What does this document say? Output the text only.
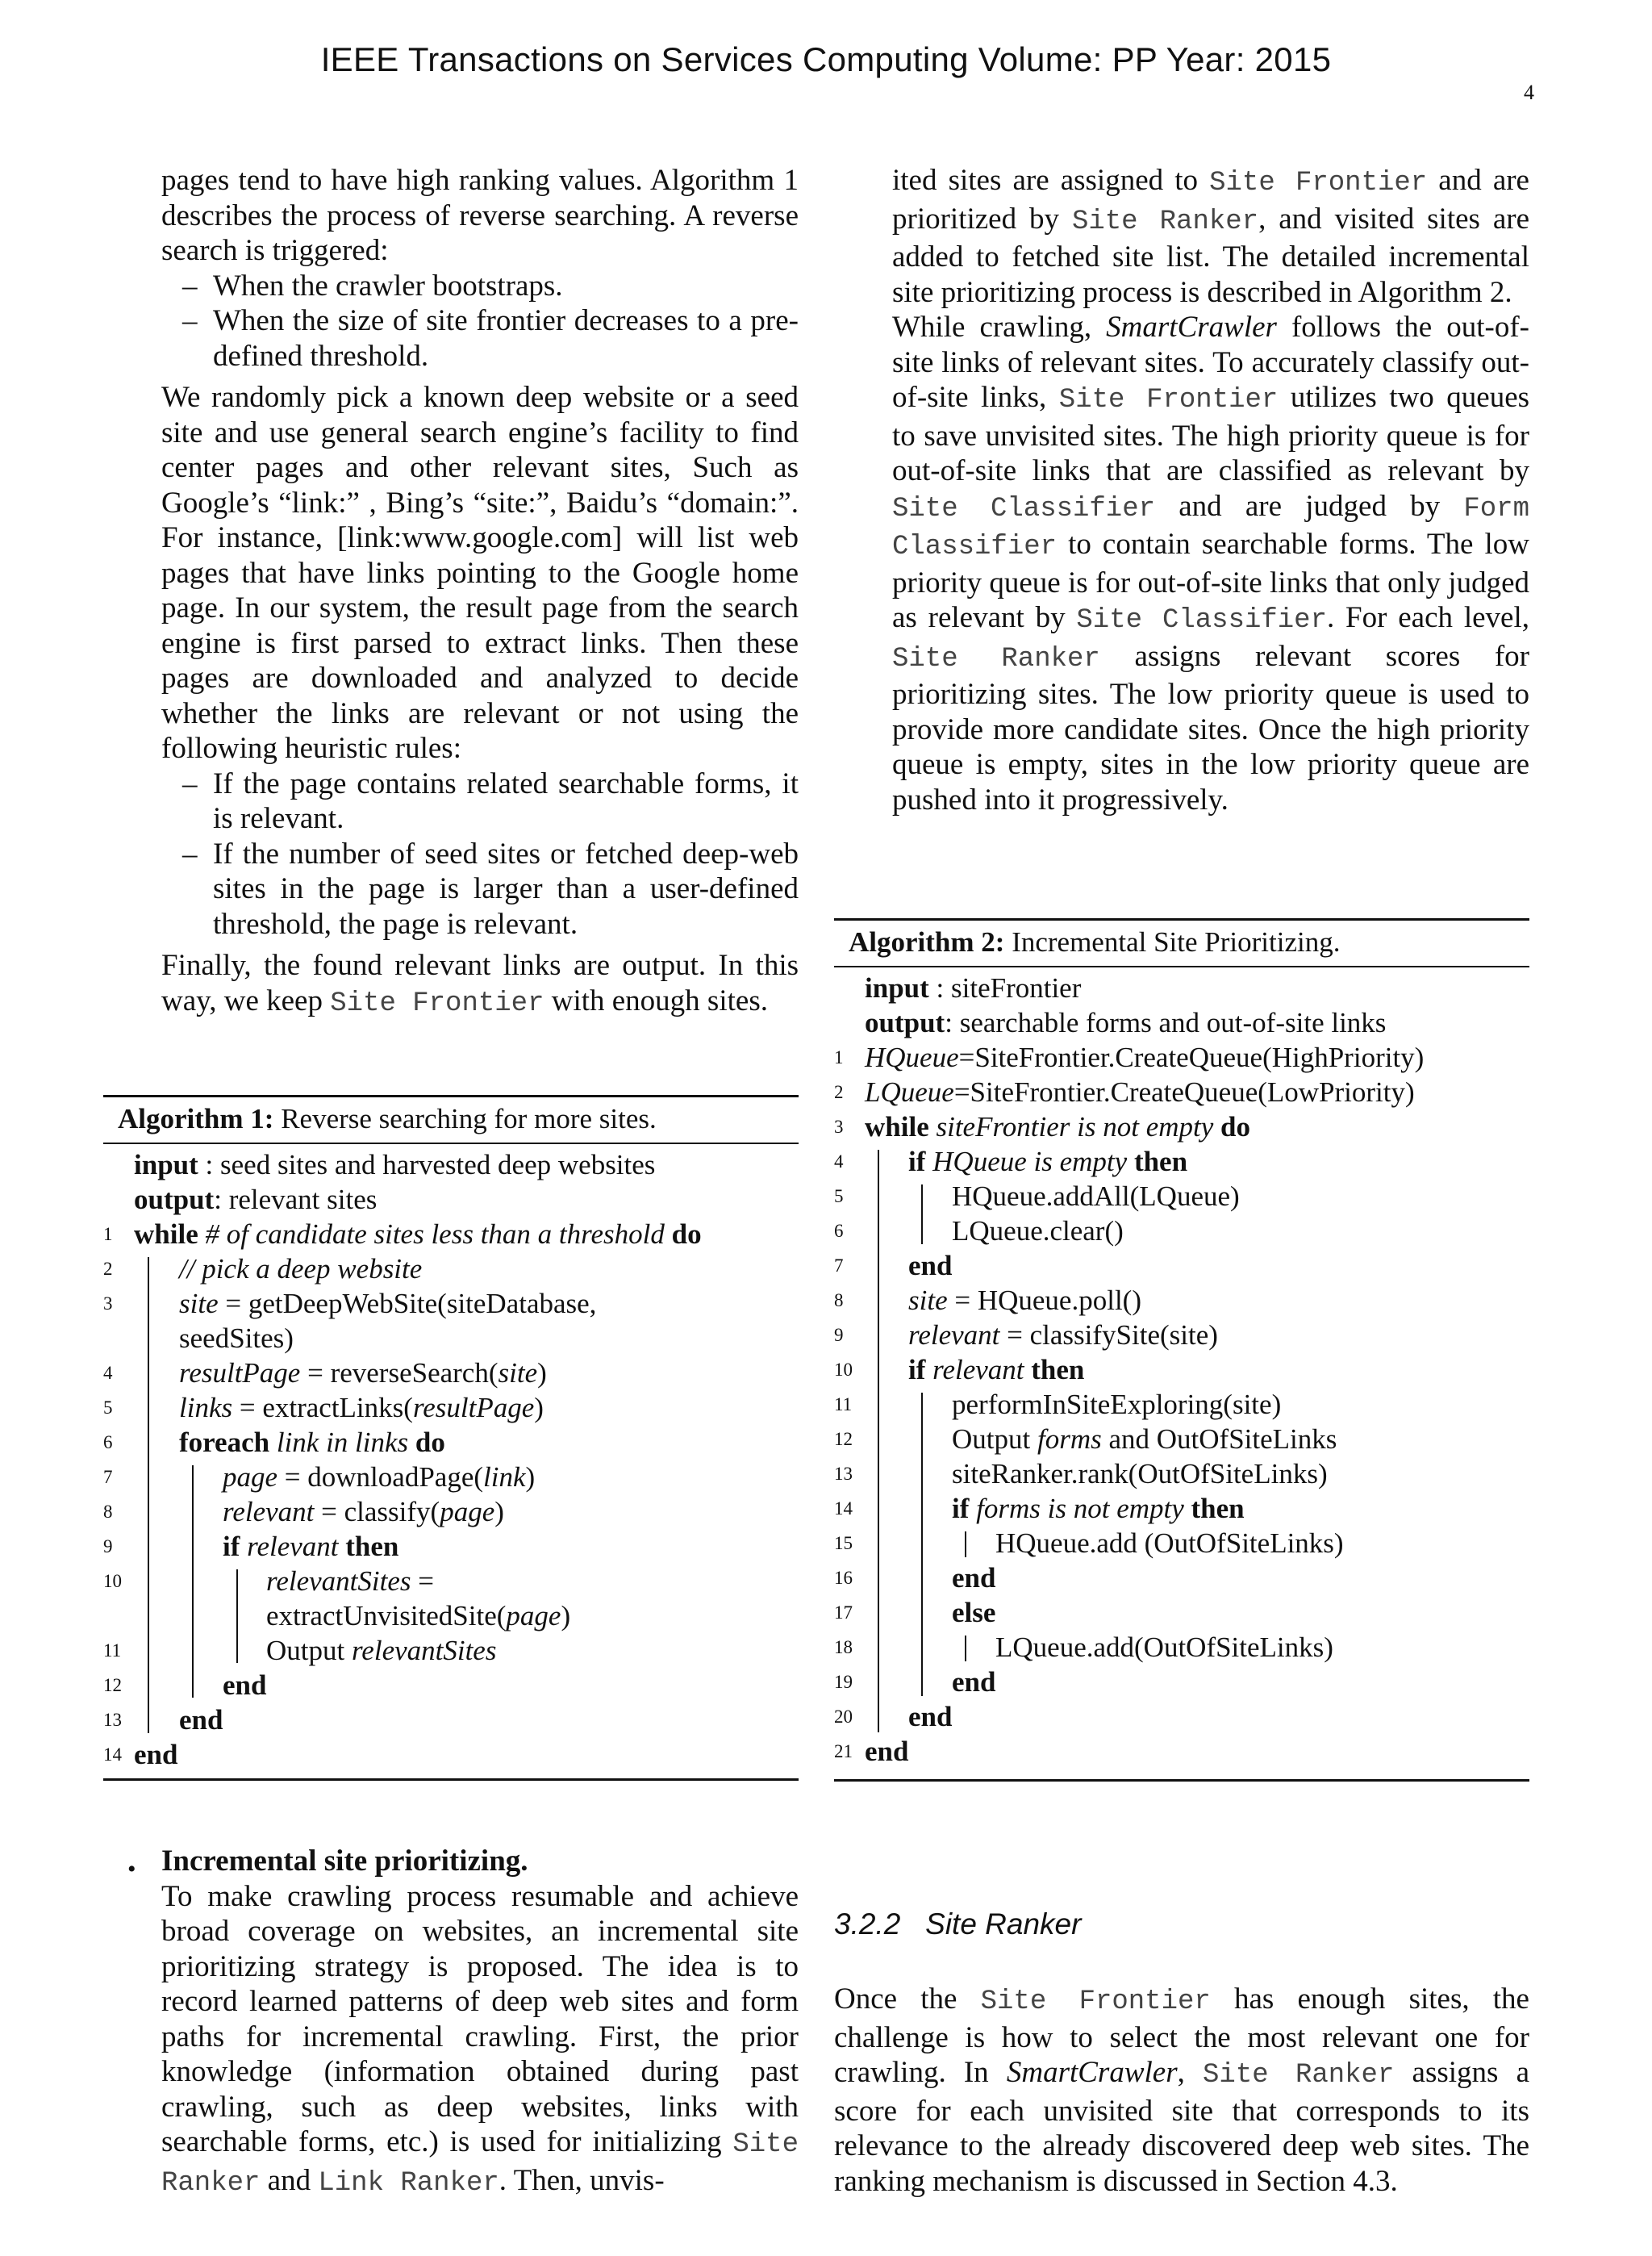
IEEE Transactions on Services Computing Volume: PP Year: 2015
4

pages tend to have high ranking values. Algorithm 1 describes the process of reverse searching. A reverse search is triggered:

– When the crawler bootstraps.
– When the size of site frontier decreases to a pre-defined threshold.

We randomly pick a known deep website or a seed site and use general search engine’s facility to find center pages and other relevant sites, Such as Google’s “link:” , Bing’s “site:”, Baidu’s “domain:”. For instance, [link:www.google.com] will list web pages that have links pointing to the Google home page. In our system, the result page from the search engine is first parsed to extract links. Then these pages are downloaded and analyzed to decide whether the links are relevant or not using the following heuristic rules:

– If the page contains related searchable forms, it is relevant.
– If the number of seed sites or fetched deep-web sites in the page is larger than a user-defined threshold, the page is relevant.

Finally, the found relevant links are output. In this way, we keep Site Frontier with enough sites.

Algorithm 1: Reverse searching for more sites.
input : seed sites and harvested deep websites
output: relevant sites
1 while # of candidate sites less than a threshold do
2	// pick a deep website
3	site = getDeepWebSite(siteDatabase,
seedSites)
4	resultPage = reverseSearch(site)
5	links = extractLinks(resultPage)
6	foreach link in links do
7	page = downloadPage(link)
8	relevant = classify(page)
9	if relevant then
10	relevantSites =
extractUnvisitedSite(page)
11	Output relevantSites
12	end
13	end
14 end
• Incremental site prioritizing.

To make crawling process resumable and achieve broad coverage on websites, an incremental site prioritizing strategy is proposed. The idea is to record learned patterns of deep web sites and form paths for incremental crawling. First, the prior knowledge (information obtained during past crawling, such as deep websites, links with searchable forms, etc.) is used for initializing Site Ranker and Link Ranker. Then, unvis-

ited sites are assigned to Site Frontier and are prioritized by Site Ranker, and visited sites are added to fetched site list. The detailed incremental site prioritizing process is described in Algorithm 2.

While crawling, SmartCrawler follows the out-of-site links of relevant sites. To accurately classify out-of-site links, Site Frontier utilizes two queues to save unvisited sites. The high priority queue is for out-of-site links that are classified as relevant by Site Classifier and are judged by Form Classifier to contain searchable forms. The low priority queue is for out-of-site links that only judged as relevant by Site Classifier. For each level, Site Ranker assigns relevant scores for prioritizing sites. The low priority queue is used to provide more candidate sites. Once the high priority queue is empty, sites in the low priority queue are pushed into it progressively.

Algorithm 2: Incremental Site Prioritizing.
input : siteFrontier
output: searchable forms and out-of-site links
1 HQueue=SiteFrontier.CreateQueue(HighPriority)
2 LQueue=SiteFrontier.CreateQueue(LowPriority)
3 while siteFrontier is not empty do
4	if HQueue is empty then
5	HQueue.addAll(LQueue)
6	LQueue.clear()
7	end
8	site = HQueue.poll()
9	relevant = classifySite(site)
10	if relevant then
11	performInSiteExploring(site)
12	Output forms and OutOfSiteLinks
13	siteRanker.rank(OutOfSiteLinks)
14	if forms is not empty then
15	HQueue.add (OutOfSiteLinks)
16	end
17	else
18	LQueue.add(OutOfSiteLinks)
19	end
20	end
21 end
3.2.2 Site Ranker

Once the Site Frontier has enough sites, the challenge is how to select the most relevant one for crawling. In SmartCrawler, Site Ranker assigns a score for each unvisited site that corresponds to its relevance to the already discovered deep web sites. The ranking mechanism is discussed in Section 4.3.
